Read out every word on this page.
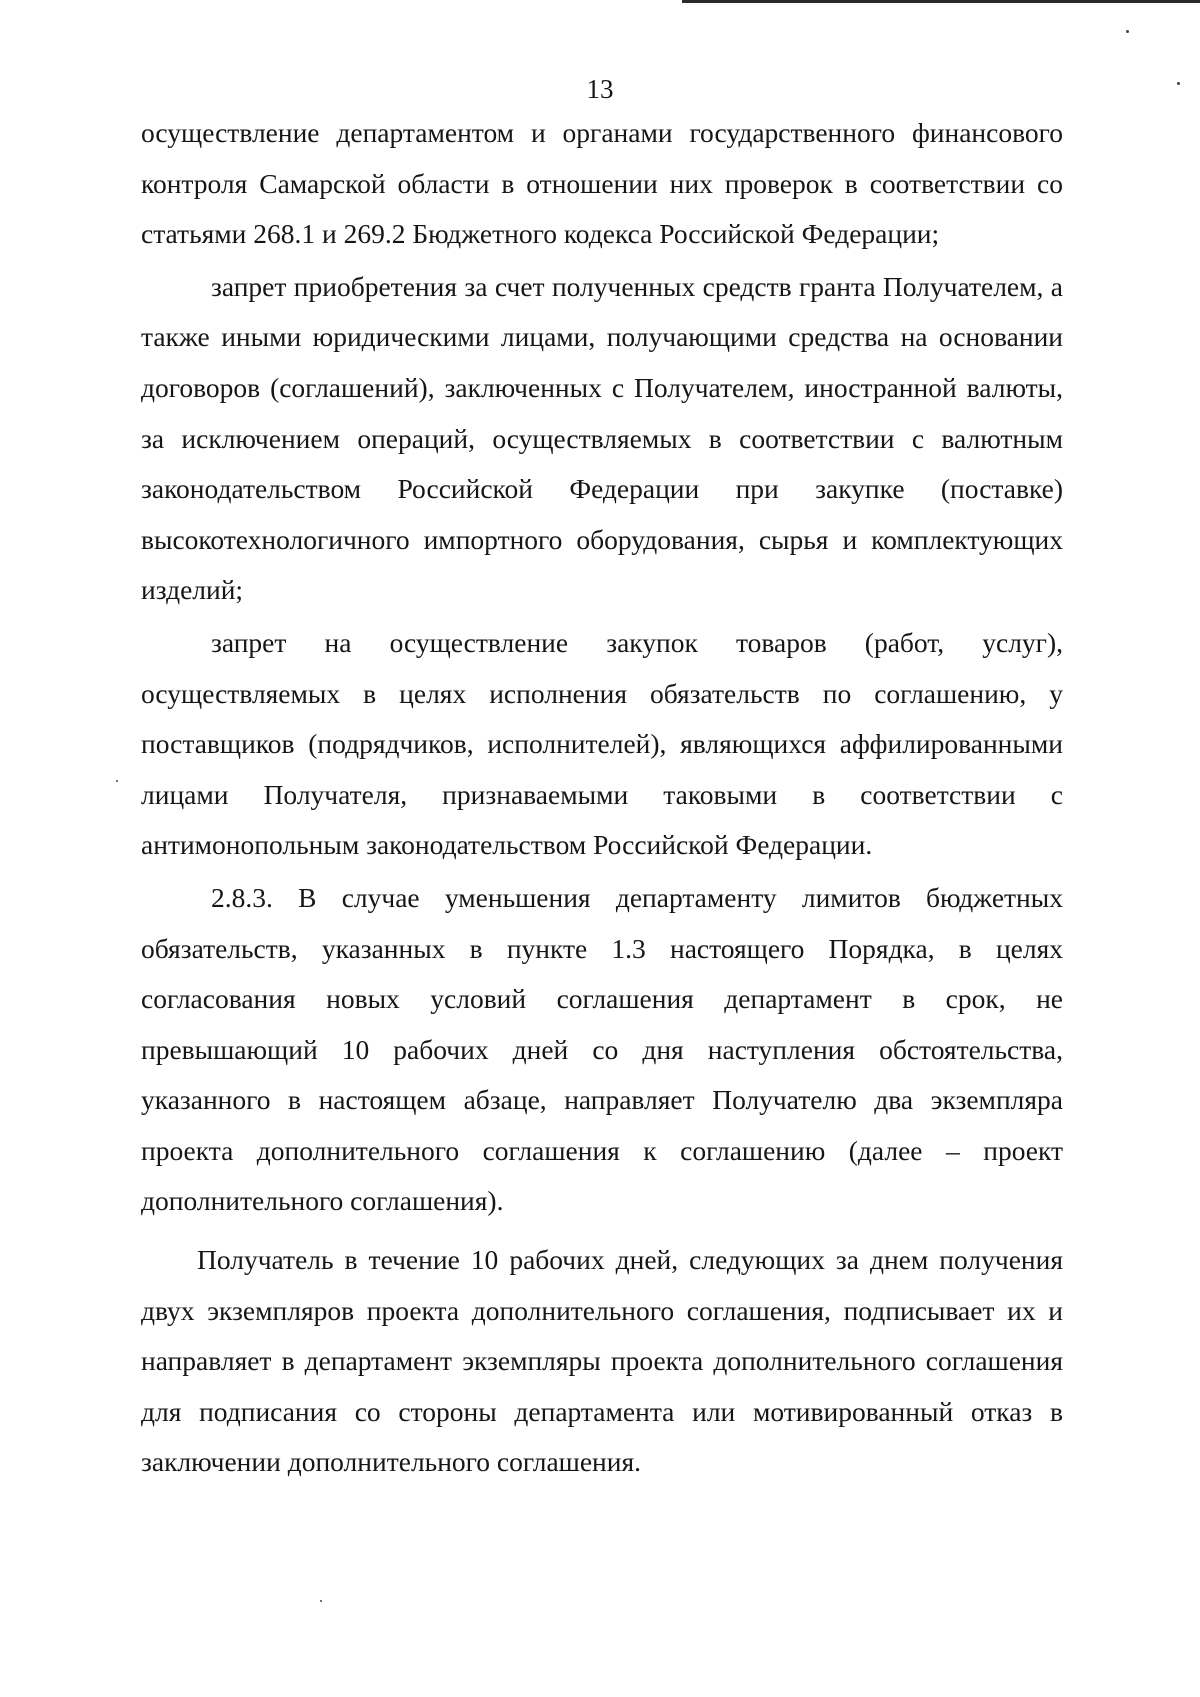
13

осуществление департаментом и органами государственного финансового контроля Самарской области в отношении них проверок в соответствии со статьями 268.1 и 269.2 Бюджетного кодекса Российской Федерации;

запрет приобретения за счет полученных средств гранта Получателем, а также иными юридическими лицами, получающими средства на основании договоров (соглашений), заключенных с Получателем, иностранной валюты, за исключением операций, осуществляемых в соответствии с валютным законодательством Российской Федерации при закупке (поставке) высокотехнологичного импортного оборудования, сырья и комплектующих изделий;

запрет на осуществление закупок товаров (работ, услуг), осуществляемых в целях исполнения обязательств по соглашению, у поставщиков (подрядчиков, исполнителей), являющихся аффилированными лицами Получателя, признаваемыми таковыми в соответствии с антимонопольным законодательством Российской Федерации.

2.8.3. В случае уменьшения департаменту лимитов бюджетных обязательств, указанных в пункте 1.3 настоящего Порядка, в целях согласования новых условий соглашения департамент в срок, не превышающий 10 рабочих дней со дня наступления обстоятельства, указанного в настоящем абзаце, направляет Получателю два экземпляра проекта дополнительного соглашения к соглашению (далее – проект дополнительного соглашения).

Получатель в течение 10 рабочих дней, следующих за днем получения двух экземпляров проекта дополнительного соглашения, подписывает их и направляет в департамент экземпляры проекта дополнительного соглашения для подписания со стороны департамента или мотивированный отказ в заключении дополнительного соглашения.
